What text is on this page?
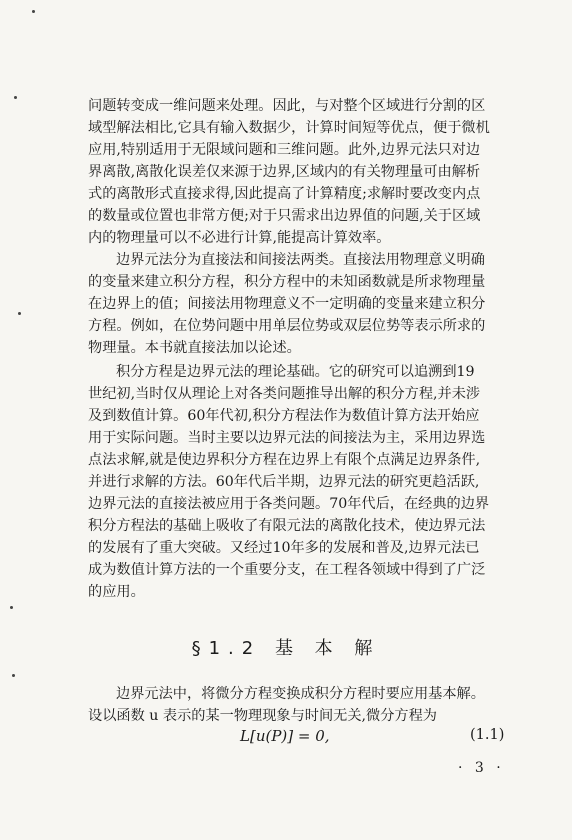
问题转变成一维问题来处理。因此，与对整个区域进行分割的区
域型解法相比,它具有输入数据少，计算时间短等优点，便于微机
应用,特别适用于无限域问题和三维问题。此外,边界元法只对边
界离散,离散化误差仅来源于边界,区域内的有关物理量可由解析
式的离散形式直接求得,因此提高了计算精度;求解时要改变内点
的数量或位置也非常方便;对于只需求出边界值的问题,关于区域
内的物理量可以不必进行计算,能提高计算效率。
边界元法分为直接法和间接法两类。直接法用物理意义明确
的变量来建立积分方程，积分方程中的未知函数就是所求物理量
在边界上的值；间接法用物理意义不一定明确的变量来建立积分
方程。例如，在位势问题中用单层位势或双层位势等表示所求的
物理量。本书就直接法加以论述。
积分方程是边界元法的理论基础。它的研究可以追溯到19
世纪初,当时仅从理论上对各类问题推导出解的积分方程,并未涉
及到数值计算。60年代初,积分方程法作为数值计算方法开始应
用于实际问题。当时主要以边界元法的间接法为主，采用边界选
点法求解,就是使边界积分方程在边界上有限个点满足边界条件,
并进行求解的方法。60年代后半期，边界元法的研究更趋活跃,
边界元法的直接法被应用于各类问题。70年代后，在经典的边界
积分方程法的基础上吸收了有限元法的离散化技术，使边界元法
的发展有了重大突破。又经过10年多的发展和普及,边界元法已
成为数值计算方法的一个重要分支，在工程各领域中得到了广泛
的应用。
§1.2 基 本 解
边界元法中，将微分方程变换成积分方程时要应用基本解。
设以函数 u 表示的某一物理现象与时间无关,微分方程为
L[u(P)] = 0,	(1.1)
· 3 ·
